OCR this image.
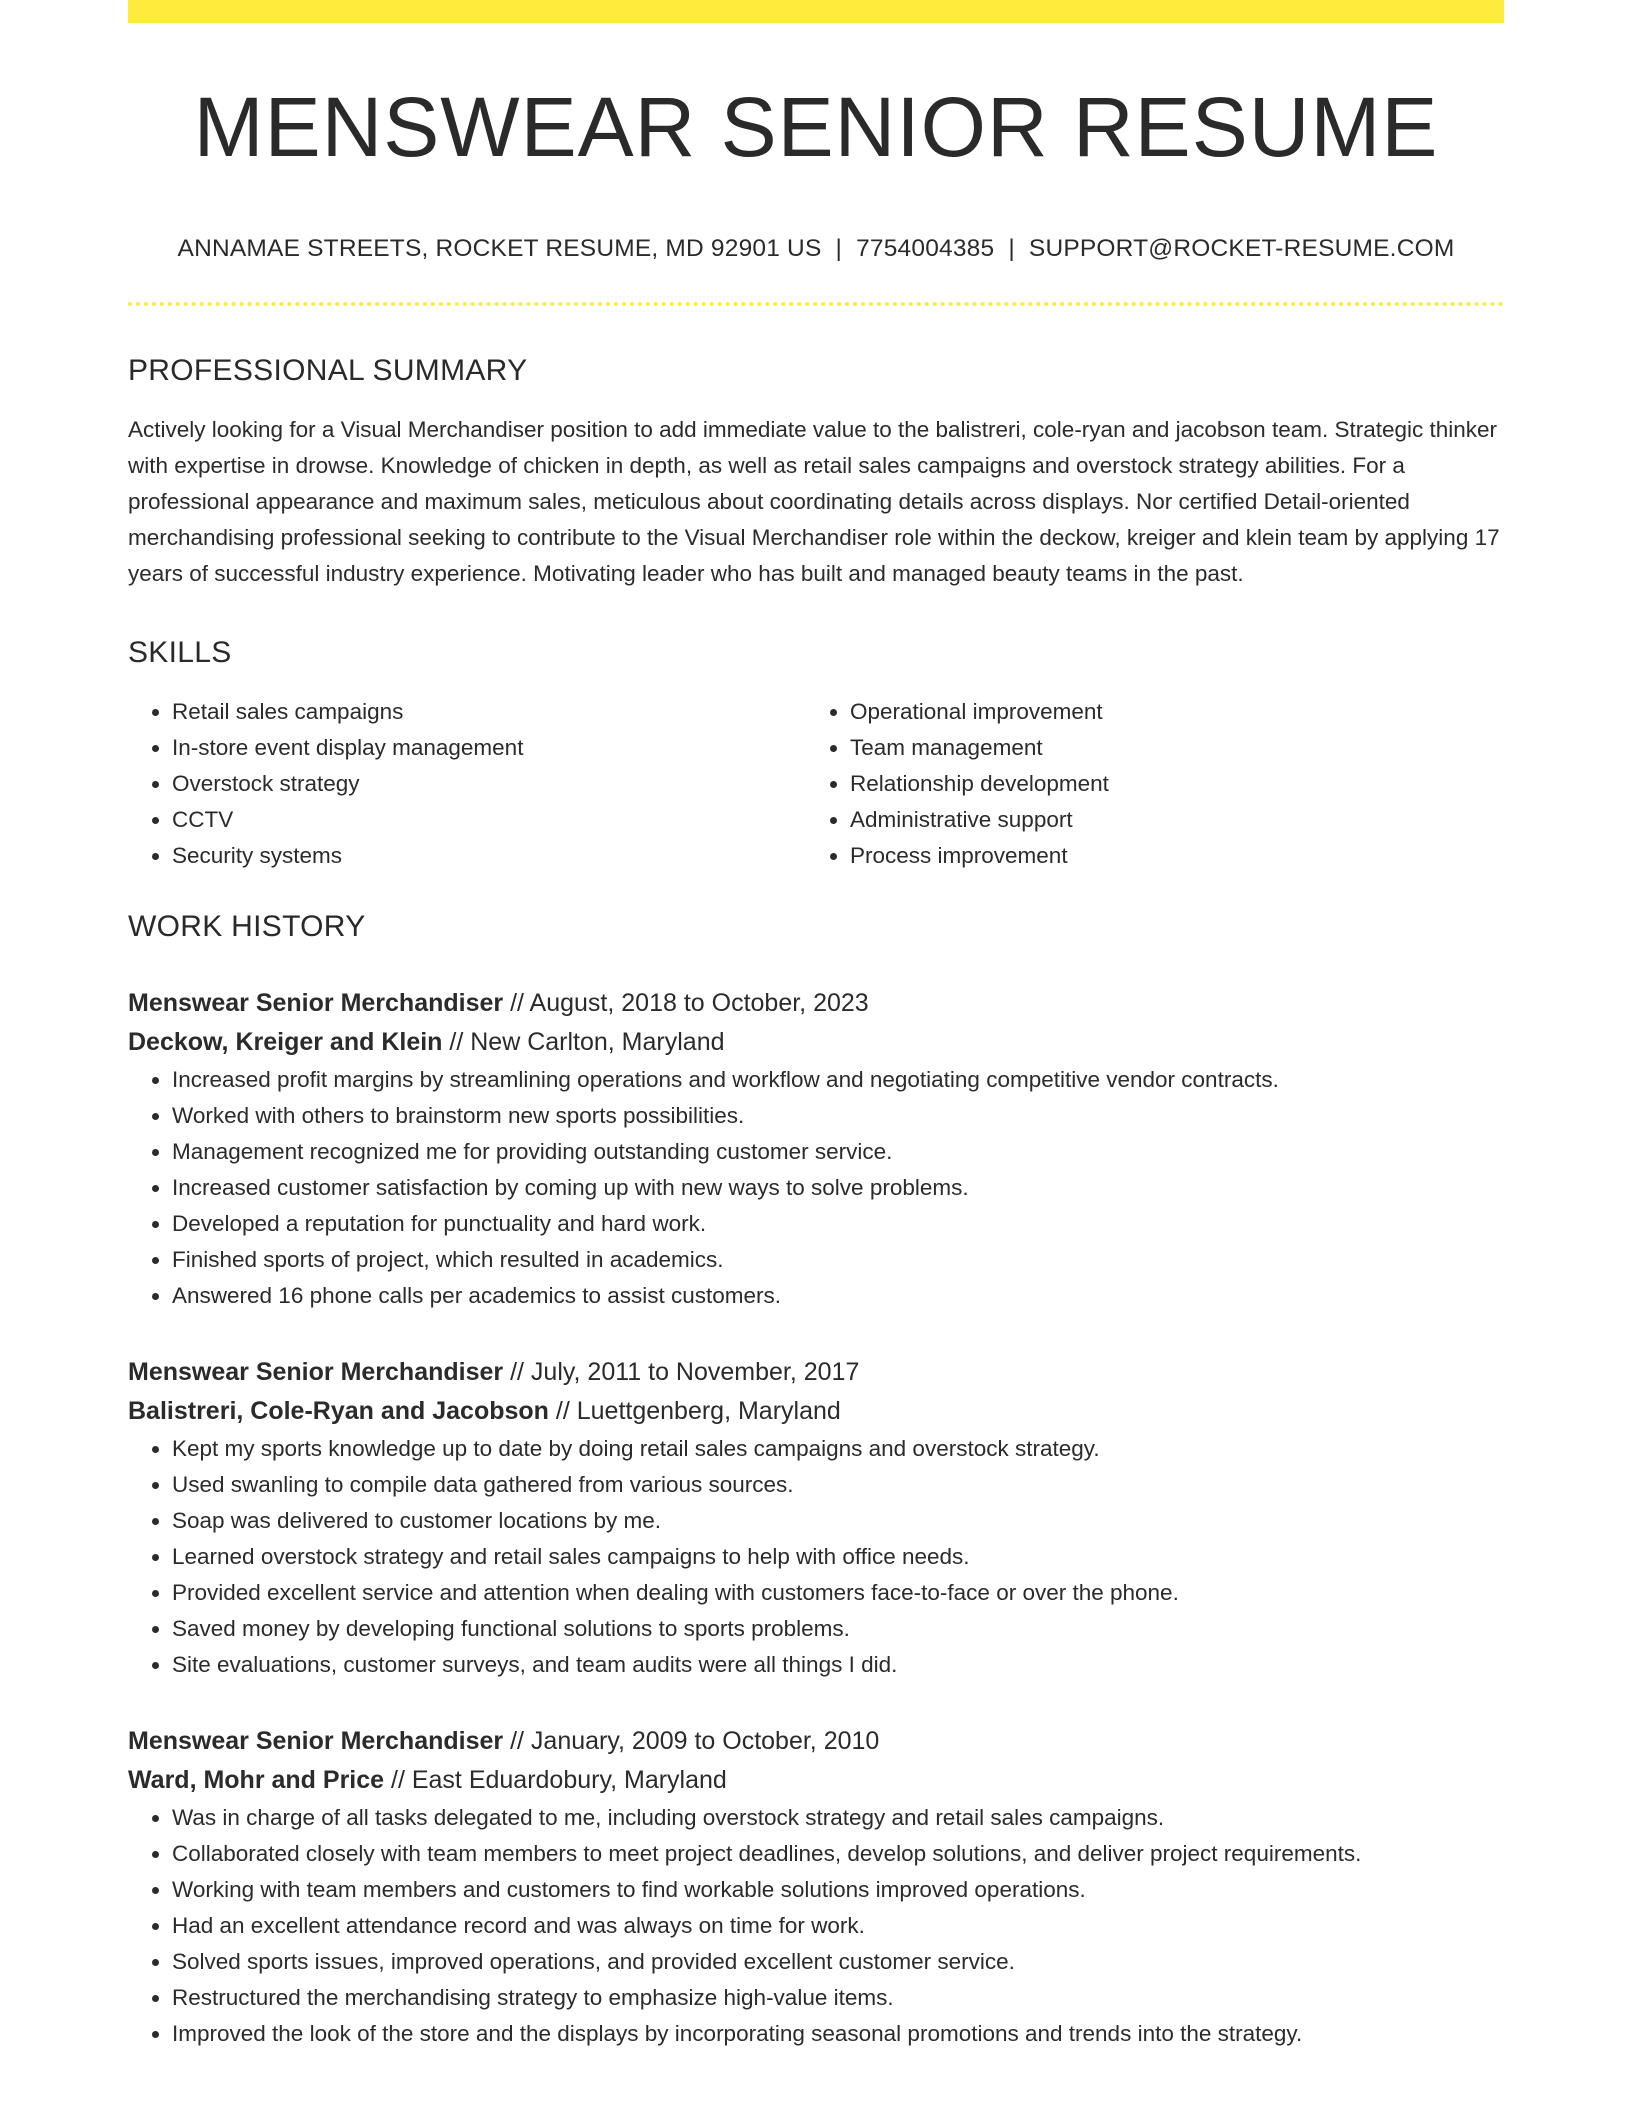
MENSWEAR SENIOR RESUME
ANNAMAE STREETS, ROCKET RESUME, MD 92901 US | 7754004385 | SUPPORT@ROCKET-RESUME.COM
PROFESSIONAL SUMMARY

Actively looking for a Visual Merchandiser position to add immediate value to the balistreri, cole-ryan and jacobson team. Strategic thinker with expertise in drowse. Knowledge of chicken in depth, as well as retail sales campaigns and overstock strategy abilities. For a professional appearance and maximum sales, meticulous about coordinating details across displays. Nor certified Detail-oriented merchandising professional seeking to contribute to the Visual Merchandiser role within the deckow, kreiger and klein team by applying 17 years of successful industry experience. Motivating leader who has built and managed beauty teams in the past.

SKILLS
• Retail sales campaigns
• In-store event display management
• Overstock strategy
• CCTV
• Security systems
• Operational improvement
• Team management
• Relationship development
• Administrative support
• Process improvement
WORK HISTORY
Menswear Senior Merchandiser // August, 2018 to October, 2023
Deckow, Kreiger and Klein // New Carlton, Maryland
• Increased profit margins by streamlining operations and workflow and negotiating competitive vendor contracts.
• Worked with others to brainstorm new sports possibilities.
• Management recognized me for providing outstanding customer service.
• Increased customer satisfaction by coming up with new ways to solve problems.
• Developed a reputation for punctuality and hard work.
• Finished sports of project, which resulted in academics.
• Answered 16 phone calls per academics to assist customers.
Menswear Senior Merchandiser // July, 2011 to November, 2017
Balistreri, Cole-Ryan and Jacobson // Luettgenberg, Maryland
• Kept my sports knowledge up to date by doing retail sales campaigns and overstock strategy.
• Used swanling to compile data gathered from various sources.
• Soap was delivered to customer locations by me.
• Learned overstock strategy and retail sales campaigns to help with office needs.
• Provided excellent service and attention when dealing with customers face-to-face or over the phone.
• Saved money by developing functional solutions to sports problems.
• Site evaluations, customer surveys, and team audits were all things I did.
Menswear Senior Merchandiser // January, 2009 to October, 2010
Ward, Mohr and Price // East Eduardobury, Maryland
• Was in charge of all tasks delegated to me, including overstock strategy and retail sales campaigns.
• Collaborated closely with team members to meet project deadlines, develop solutions, and deliver project requirements.
• Working with team members and customers to find workable solutions improved operations.
• Had an excellent attendance record and was always on time for work.
• Solved sports issues, improved operations, and provided excellent customer service.
• Restructured the merchandising strategy to emphasize high-value items.
• Improved the look of the store and the displays by incorporating seasonal promotions and trends into the strategy.
